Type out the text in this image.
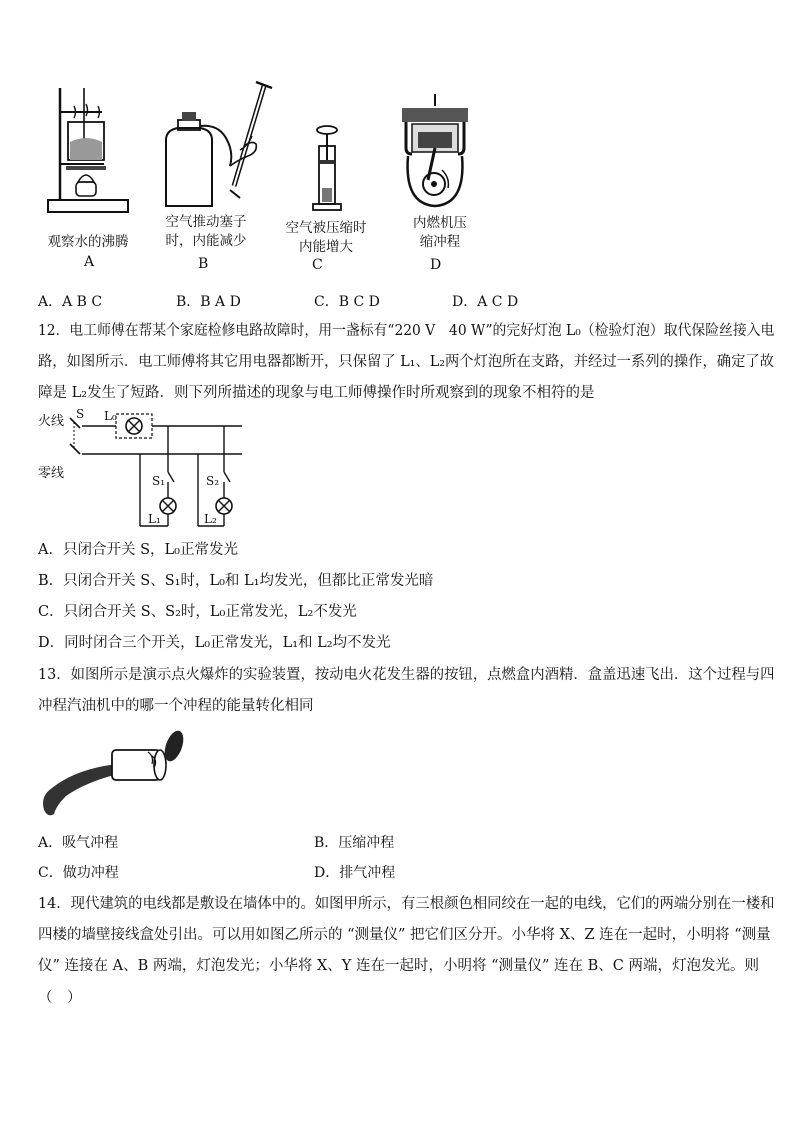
观察水的沸腾
A
空气推动塞子
时，内能减少
B
空气被压缩时
内能增大
C
内燃机压
缩冲程
D
A．A B C	B．B A D	C．B C D	D．A C D
12．电工师傅在帮某个家庭检修电路故障时，用一盏标有“220 V　40 W”的完好灯泡 L₀（检验灯泡）取代保险丝接入电
路，如图所示．电工师傅将其它用电器都断开，只保留了 L₁、L₂两个灯泡所在支路，并经过一系列的操作，确定了故
障是 L₂发生了短路．则下列所描述的现象与电工师傅操作时所观察到的现象不相符的是
火线 S L₀
零线	S₁	S₂
L₁	L₂
A．只闭合开关 S，L₀正常发光
B．只闭合开关 S、S₁时，L₀和 L₁均发光，但都比正常发光暗
C．只闭合开关 S、S₂时，L₀正常发光，L₂不发光
D．同时闭合三个开关，L₀正常发光，L₁和 L₂均不发光
13．如图所示是演示点火爆炸的实验装置，按动电火花发生器的按钮，点燃盒内酒精．盒盖迅速飞出．这个过程与四
冲程汽油机中的哪一个冲程的能量转化相同
A．吸气冲程	B．压缩冲程
C．做功冲程	D．排气冲程
14．现代建筑的电线都是敷设在墙体中的。如图甲所示，有三根颜色相同绞在一起的电线，它们的两端分别在一楼和
四楼的墙壁接线盒处引出。可以用如图乙所示的 “测量仪” 把它们区分开。小华将 X、Z 连在一起时，小明将 “测量
仪” 连接在 A、B 两端，灯泡发光；小华将 X、Y 连在一起时，小明将 “测量仪” 连在 B、C 两端，灯泡发光。则
（　）
